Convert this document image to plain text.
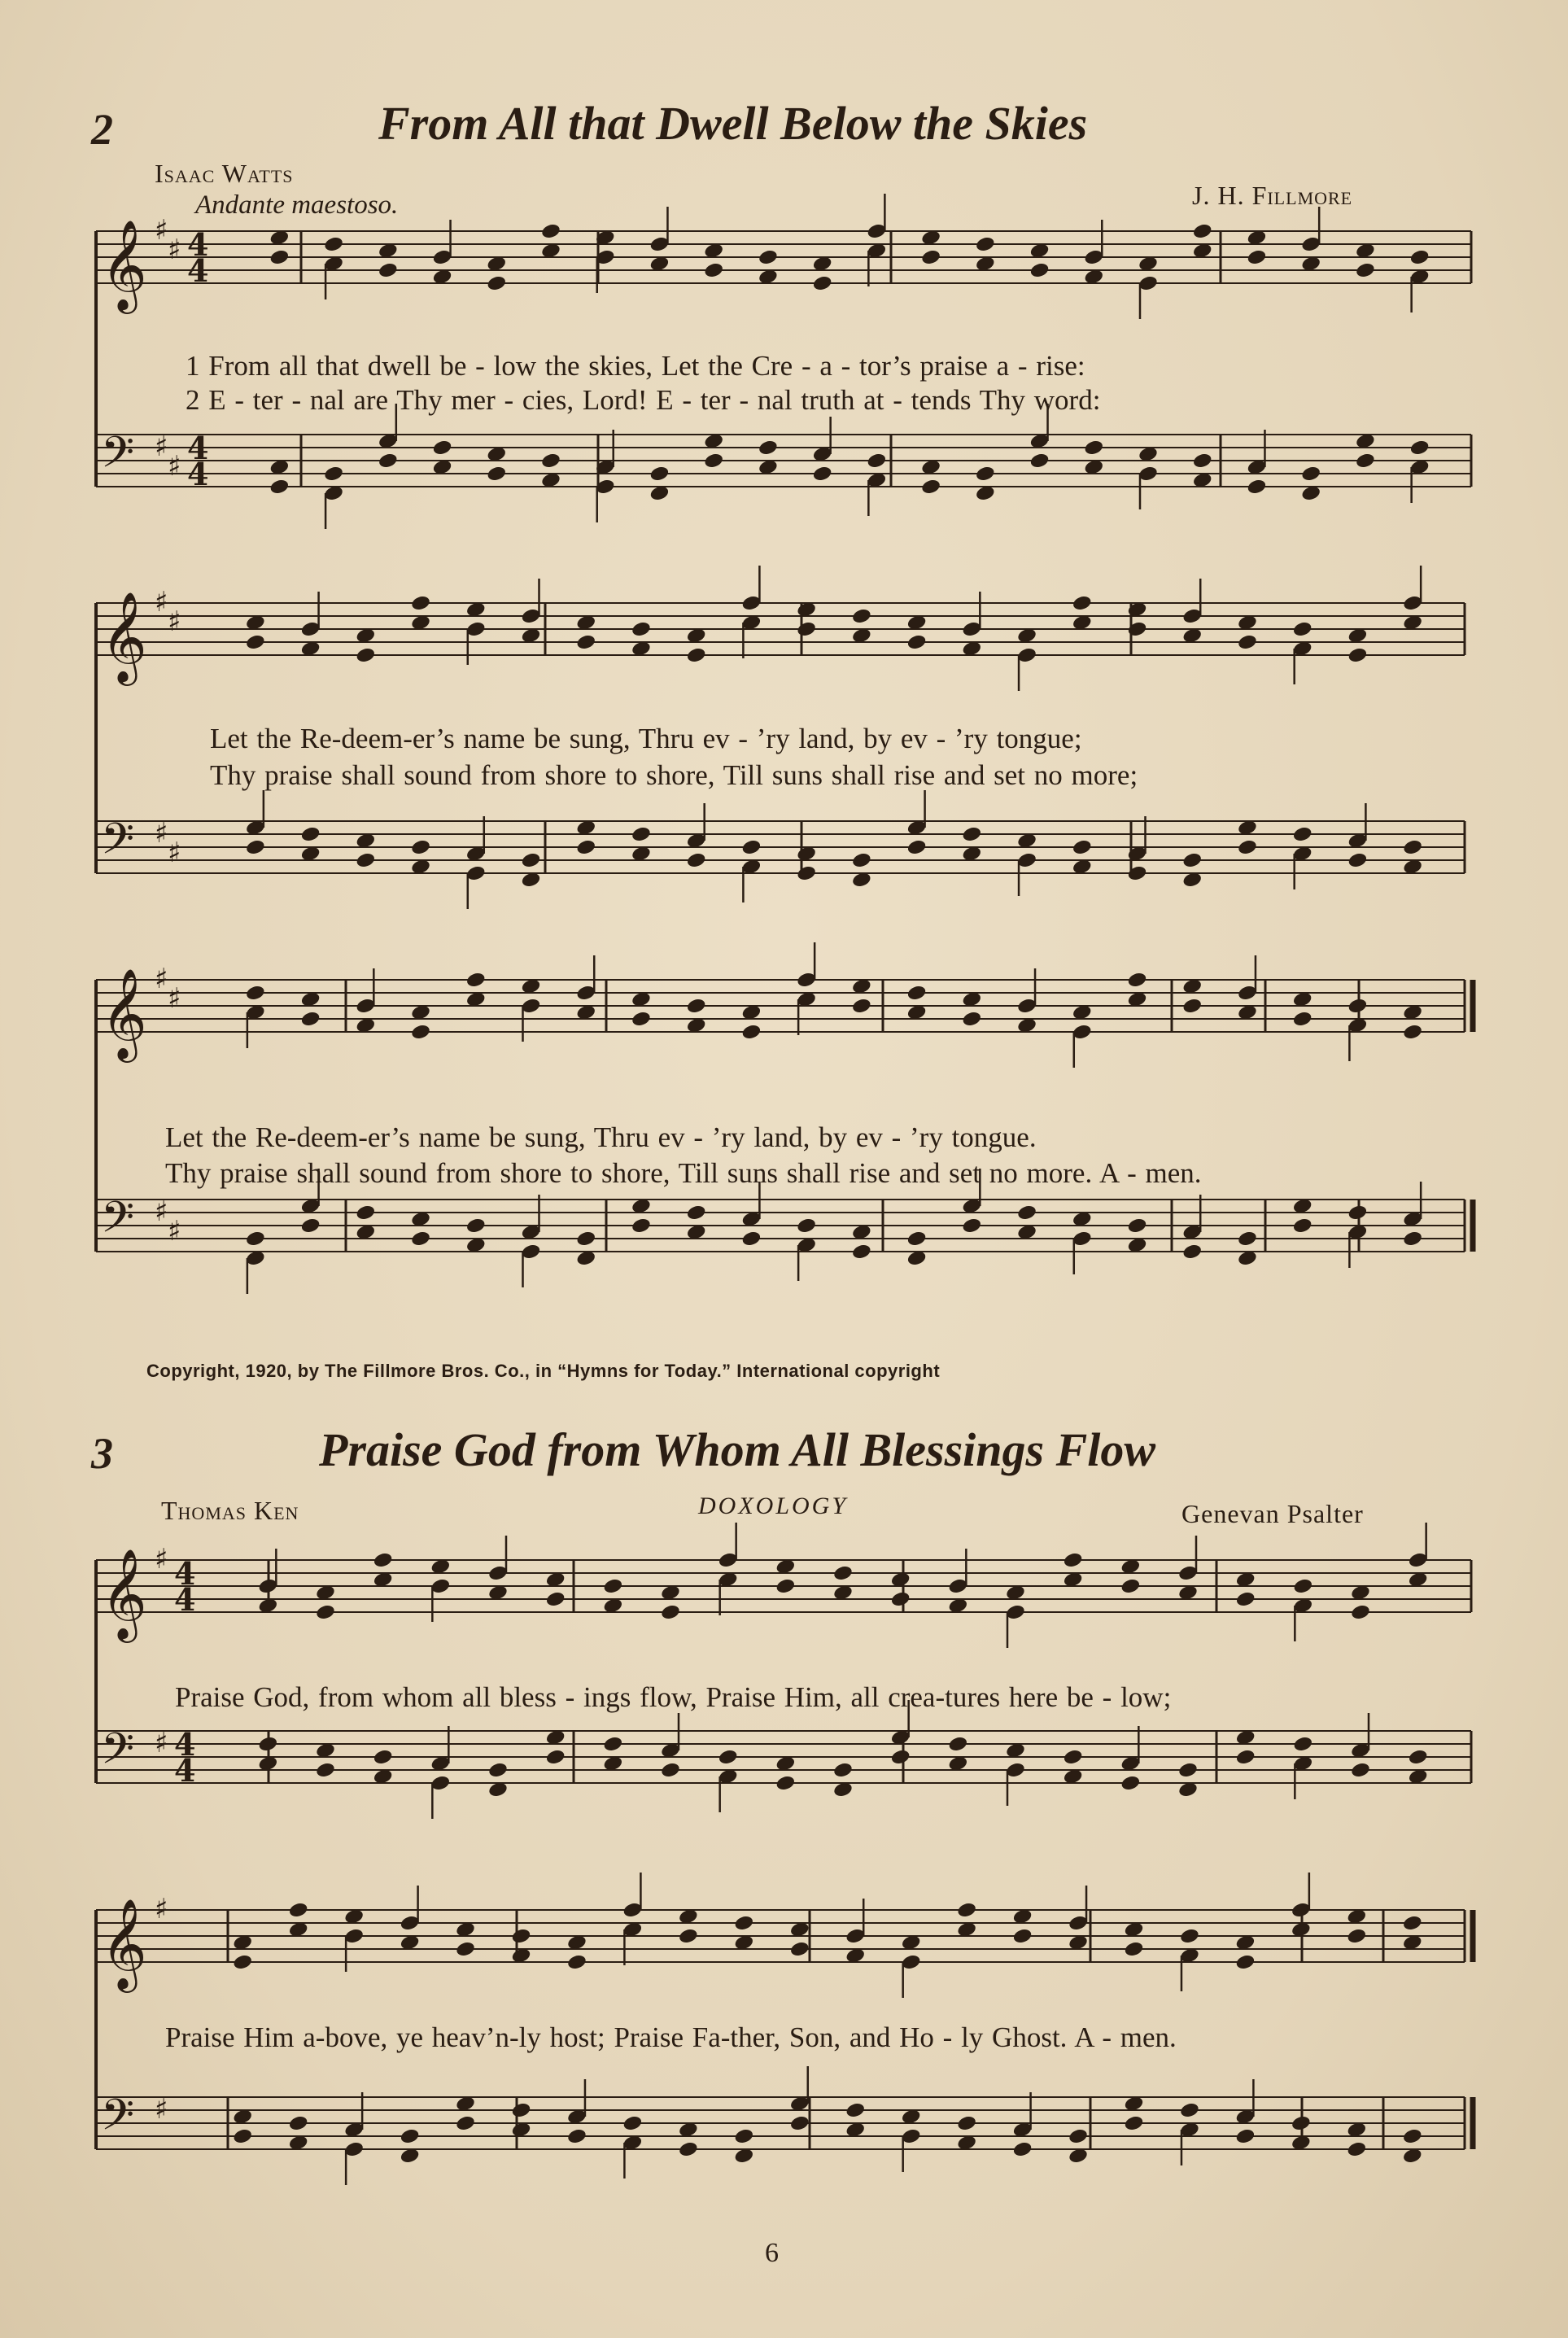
2	From All that Dwell Below the Skies
Isaac Watts
Andante maestoso.	J. H. Fillmore
𝄞 ♯
♯ 4
4
𝄢 ♯
♯ 4
4
1 From all that dwell be - low the skies, Let the Cre - a - tor’s praise a - rise:
2 E - ter - nal are Thy mer - cies, Lord! E - ter - nal truth at - tends Thy word:
𝄞 ♯
♯
𝄢 ♯
♯
Let the Re-deem-er’s name be sung, Thru ev - ’ry land, by ev - ’ry tongue;
Thy praise shall sound from shore to shore, Till suns shall rise and set no more;
𝄞 ♯
♯
𝄢 ♯
♯
Let the Re-deem-er’s name be sung, Thru ev - ’ry land, by ev - ’ry tongue.
Thy praise shall sound from shore to shore, Till suns shall rise and set no more. A - men.
Copyright, 1920, by The Fillmore Bros. Co., in “Hymns for Today.” International copyright
3	Praise God from Whom All Blessings Flow
Thomas Ken	DOXOLOGY	Genevan Psalter
𝄞 ♯ 4
4
𝄢 ♯ 4
4
Praise God, from whom all bless - ings flow, Praise Him, all crea-tures here be - low;
𝄞 ♯
𝄢 ♯
Praise Him a-bove, ye heav’n-ly host; Praise Fa-ther, Son, and Ho - ly Ghost. A - men.
6
